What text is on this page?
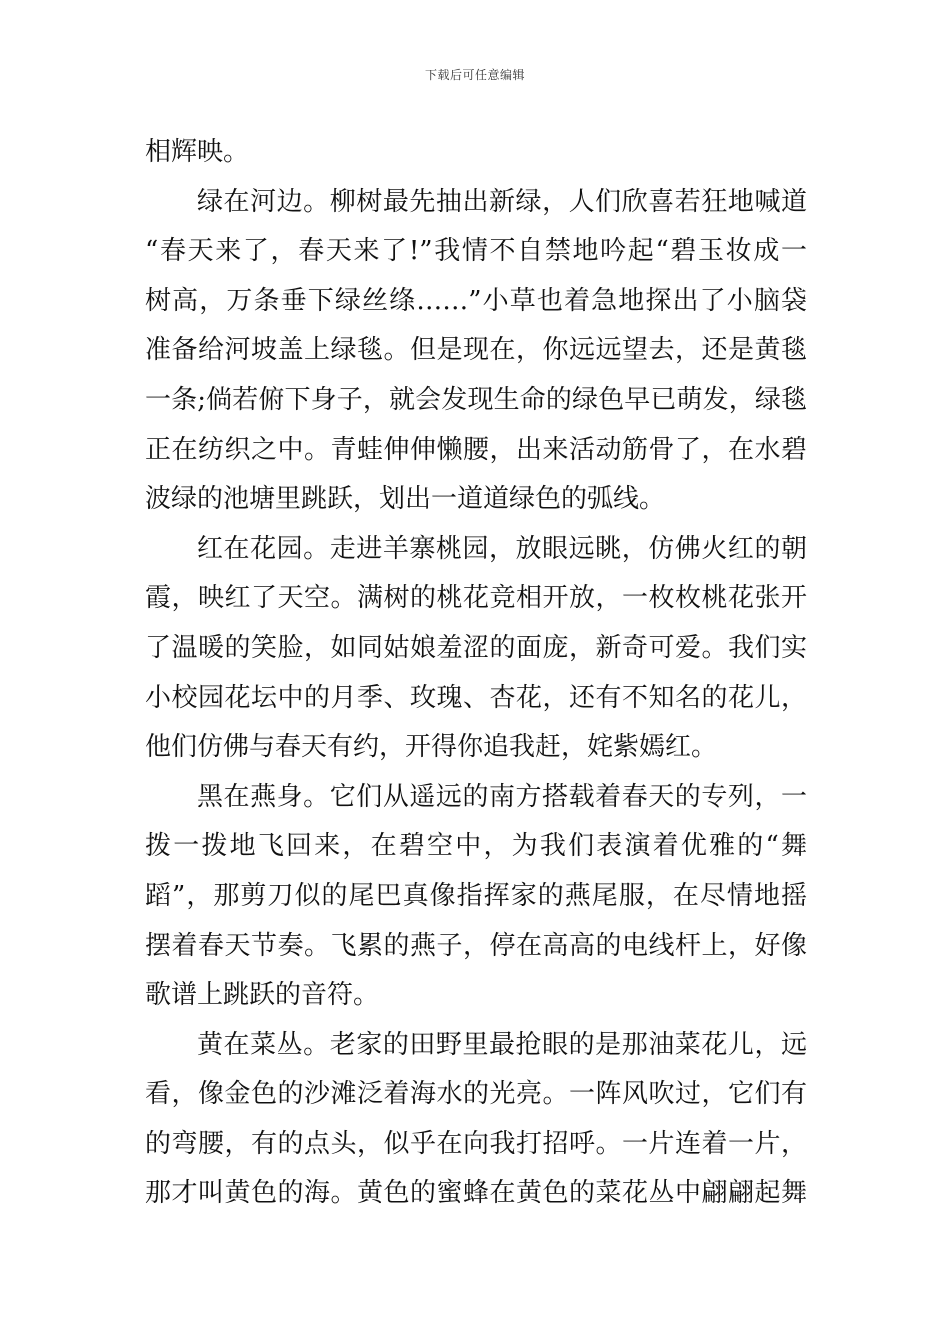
下载后可任意编辑
相辉映。
绿在河边。柳树最先抽出新绿，人们欣喜若狂地喊道
“春天来了，春天来了!”我情不自禁地吟起“碧玉妆成一
树高，万条垂下绿丝绦……”小草也着急地探出了小脑袋
准备给河坡盖上绿毯。但是现在，你远远望去，还是黄毯
一条;倘若俯下身子，就会发现生命的绿色早已萌发，绿毯
正在纺织之中。青蛙伸伸懒腰，出来活动筋骨了，在水碧
波绿的池塘里跳跃，划出一道道绿色的弧线。
红在花园。走进羊寨桃园，放眼远眺，仿佛火红的朝
霞，映红了天空。满树的桃花竞相开放，一枚枚桃花张开
了温暖的笑脸，如同姑娘羞涩的面庞，新奇可爱。我们实
小校园花坛中的月季、玫瑰、杏花，还有不知名的花儿，
他们仿佛与春天有约，开得你追我赶，姹紫嫣红。
黑在燕身。它们从遥远的南方搭载着春天的专列，一
拨一拨地飞回来，在碧空中，为我们表演着优雅的“舞
蹈”，那剪刀似的尾巴真像指挥家的燕尾服，在尽情地摇
摆着春天节奏。飞累的燕子，停在高高的电线杆上，好像
歌谱上跳跃的音符。
黄在菜丛。老家的田野里最抢眼的是那油菜花儿，远
看，像金色的沙滩泛着海水的光亮。一阵风吹过，它们有
的弯腰，有的点头，似乎在向我打招呼。一片连着一片，
那才叫黄色的海。黄色的蜜蜂在黄色的菜花丛中翩翩起舞
